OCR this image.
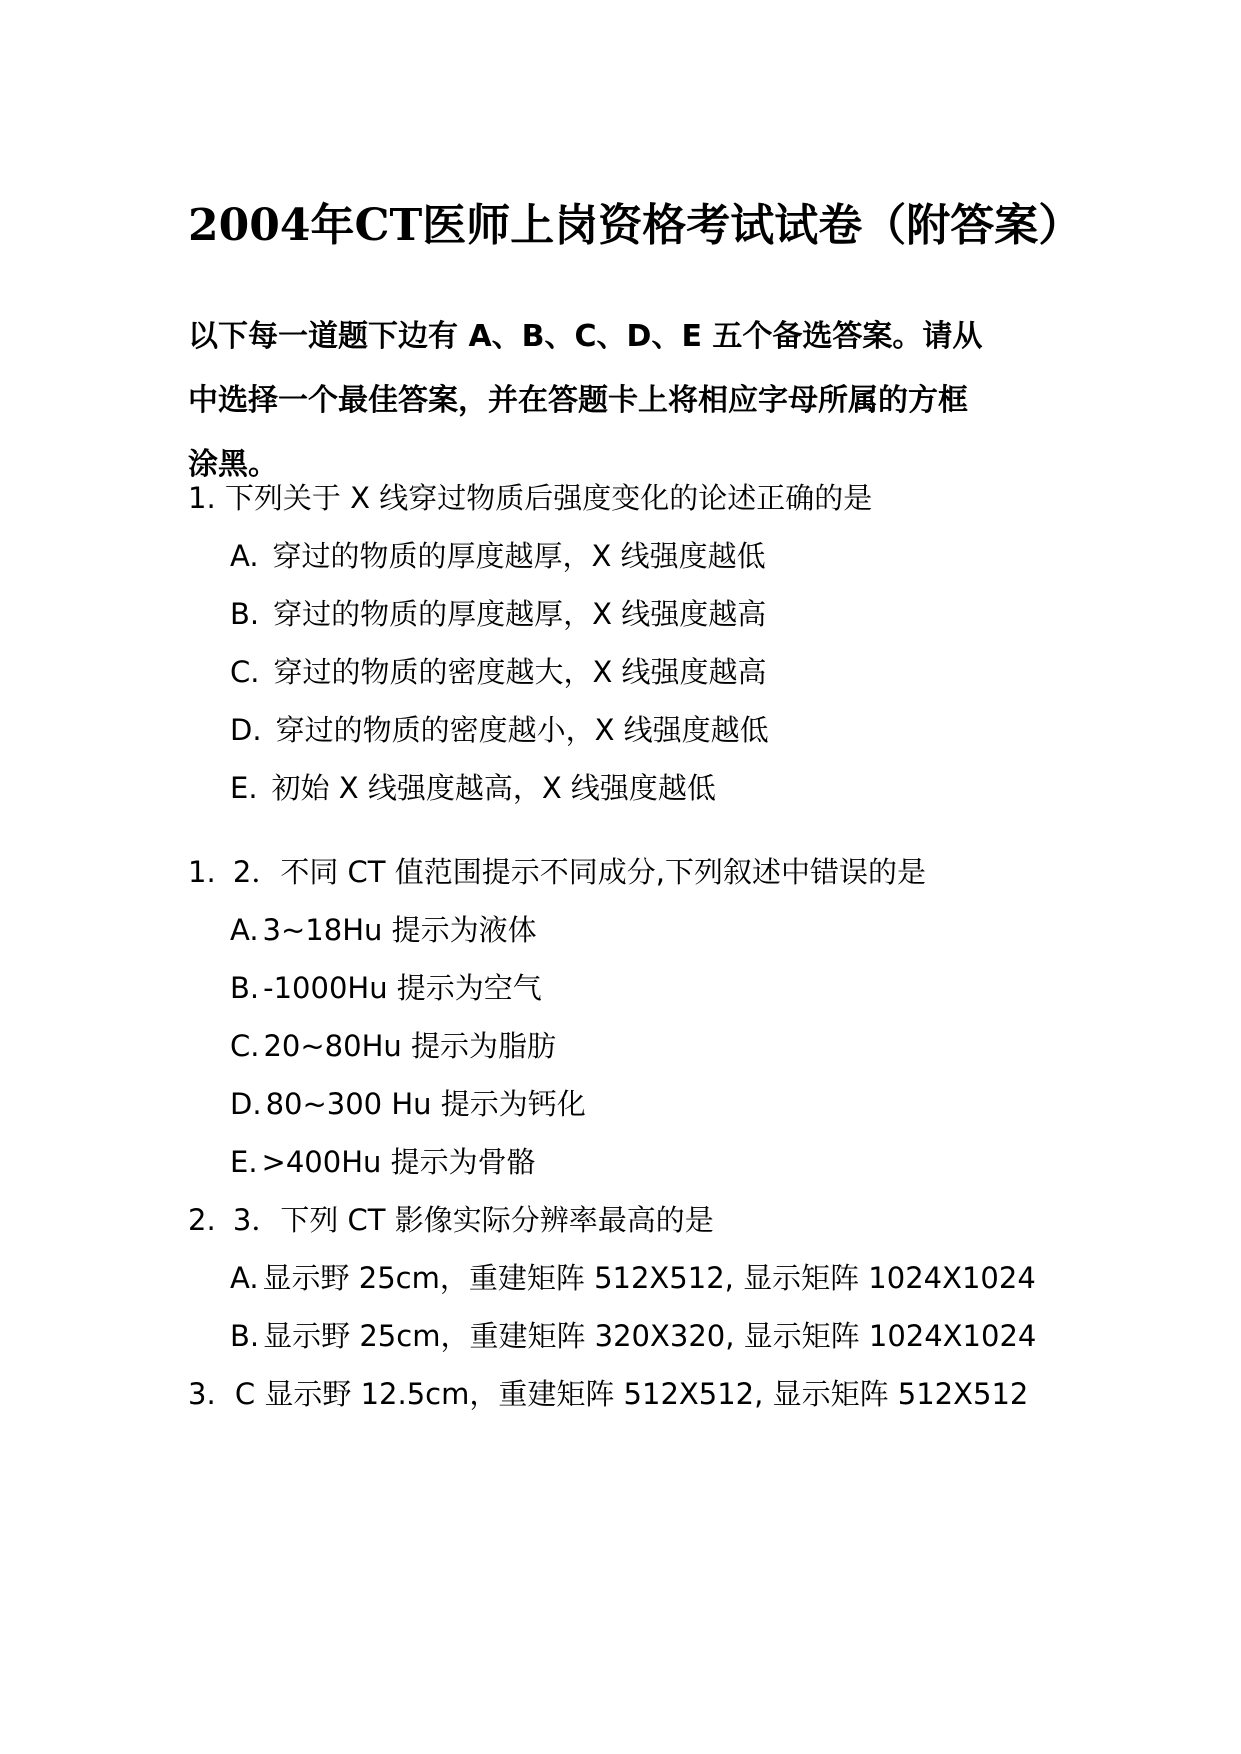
2004年CT医师上岗资格考试试卷（附答案）
以下每一道题下边有 A、B、C、D、E 五个备选答案。请从
中选择一个最佳答案，并在答题卡上将相应字母所属的方框
涂黑。
1. 下列关于 X 线穿过物质后强度变化的论述正确的是
A. 穿过的物质的厚度越厚，X 线强度越低
B. 穿过的物质的厚度越厚，X 线强度越高
C. 穿过的物质的密度越大，X 线强度越高
D. 穿过的物质的密度越小，X 线强度越低
E. 初始 X 线强度越高，X 线强度越低
1. 2．不同 CT 值范围提示不同成分,下列叙述中错误的是
A. 3~18Hu 提示为液体
B. -1000Hu 提示为空气
C. 20~80Hu 提示为脂肪
D. 80~300 Hu 提示为钙化
E. >400Hu 提示为骨骼
2. 3．下列 CT 影像实际分辨率最高的是
A. 显示野 25cm，重建矩阵 512X512, 显示矩阵 1024X1024
B. 显示野 25cm，重建矩阵 320X320, 显示矩阵 1024X1024
3. C 显示野 12.5cm，重建矩阵 512X512, 显示矩阵 512X512
